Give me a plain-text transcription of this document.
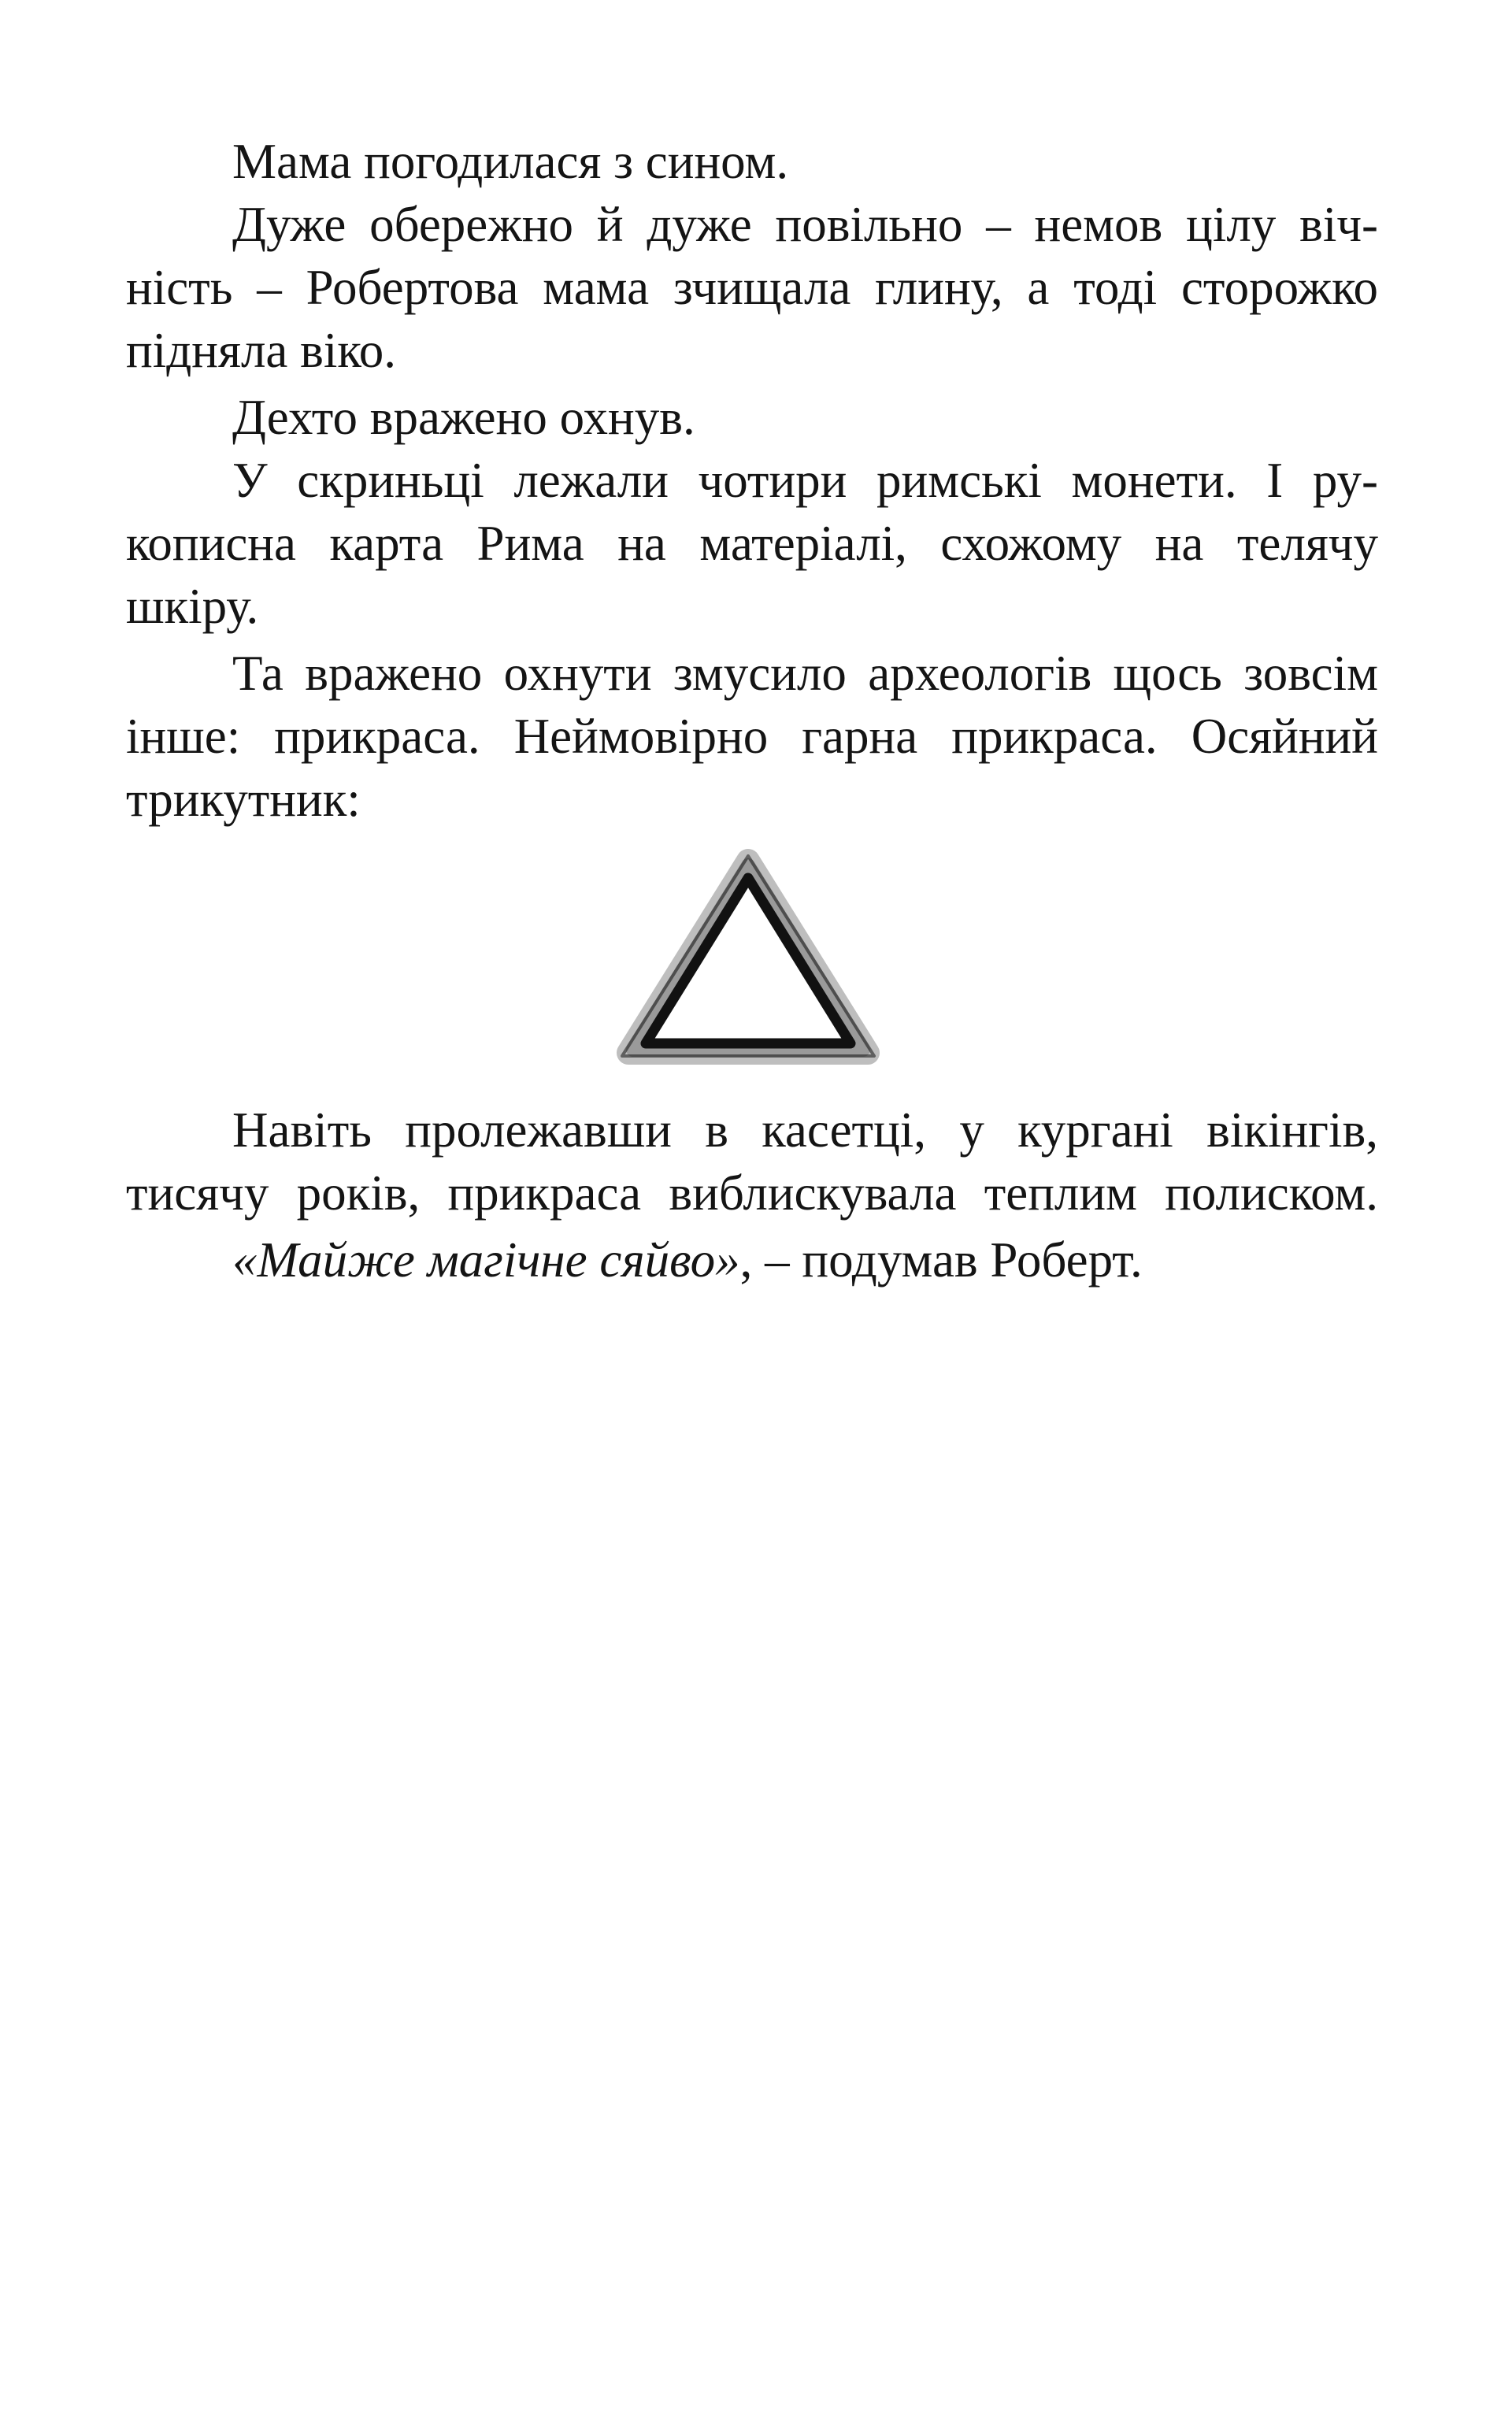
Мама погодилася з сином.

Дуже обережно й дуже повільно – немов цілу віч-

ність – Робертова мама зчищала глину, а тоді сторожко

підняла віко.

Дехто вражено охнув.

У скриньці лежали чотири римські монети. І ру-

кописна карта Рима на матеріалі, схожому на телячу

шкіру.

Та вражено охнути змусило археологів щось зовсім

інше: прикраса. Неймовірно гарна прикраса. Осяйний

трикутник:

Навіть пролежавши в касетці, у кургані вікінгів,

тисячу років, прикраса виблискувала теплим полиском.

«Майже магічне сяйво», – подумав Роберт.
